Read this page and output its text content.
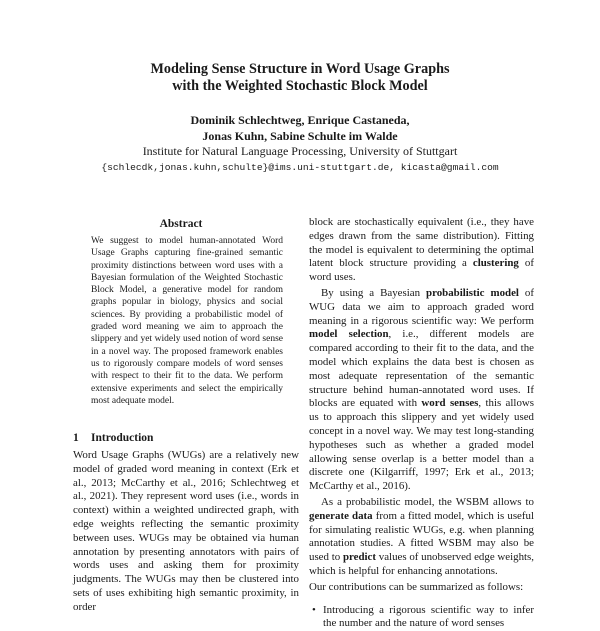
Modeling Sense Structure in Word Usage Graphs
with the Weighted Stochastic Block Model
Dominik Schlechtweg, Enrique Castaneda,
Jonas Kuhn, Sabine Schulte im Walde
Institute for Natural Language Processing, University of Stuttgart
{schlecdk,jonas.kuhn,schulte}@ims.uni-stuttgart.de, kicasta@gmail.com
Abstract
We suggest to model human-annotated Word Usage Graphs capturing fine-grained semantic proximity distinctions between word uses with a Bayesian formulation of the Weighted Stochastic Block Model, a generative model for random graphs popular in biology, physics and social sciences. By providing a probabilistic model of graded word meaning we aim to approach the slippery and yet widely used notion of word sense in a novel way. The proposed framework enables us to rigorously compare models of word senses with respect to their fit to the data. We perform extensive experiments and select the empirically most adequate model.
1 Introduction

Word Usage Graphs (WUGs) are a relatively new model of graded word meaning in context (Erk et al., 2013; McCarthy et al., 2016; Schlechtweg et al., 2021). They represent word uses (i.e., words in context) within a weighted undirected graph, with edge weights reflecting the semantic proximity between uses. WUGs may be obtained via human annotation by presenting annotators with pairs of words uses and asking them for proximity judgments. The WUGs may then be clustered into sets of uses exhibiting high semantic proximity, in order

block are stochastically equivalent (i.e., they have edges drawn from the same distribution). Fitting the model is equivalent to determining the optimal latent block structure providing a clustering of word uses.

By using a Bayesian probabilistic model of WUG data we aim to approach graded word meaning in a rigorous scientific way: We perform model selection, i.e., different models are compared according to their fit to the data, and the model which explains the data best is chosen as most adequate representation of the semantic structure behind human-annotated word uses. If blocks are equated with word senses, this allows us to approach this slippery and yet widely used concept in a novel way. We may test long-standing hypotheses such as whether a graded model allowing sense overlap is a better model than a discrete one (Kilgarriff, 1997; Erk et al., 2013; McCarthy et al., 2016).

As a probabilistic model, the WSBM allows to generate data from a fitted model, which is useful for simulating realistic WUGs, e.g. when planning annotation studies. A fitted WSBM may also be used to predict values of unobserved edge weights, which is helpful for enhancing annotations.

Our contributions can be summarized as follows:

• Introducing a rigorous scientific way to infer the number and the nature of word senses
